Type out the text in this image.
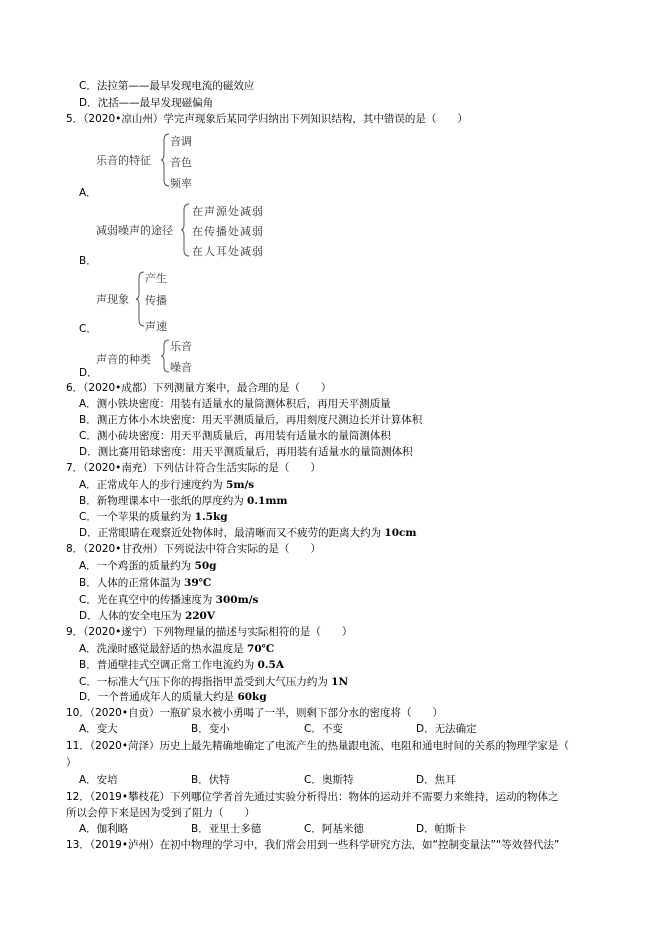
C．法拉第——最早发现电流的磁效应
D．沈括——最早发现磁偏角
5．（2020•凉山州）学完声现象后某同学归纳出下列知识结构，其中错误的是（　　）
乐音的特征
音调
音色
频率
A．
减弱噪声的途径
在声源处减弱
在传播处减弱
在人耳处减弱
B．
声现象
产生
传播
声速
C．
声音的种类
乐音
噪音
D．
6．（2020•成都）下列测量方案中，最合理的是（　　）
A．测小铁块密度：用装有适量水的量筒测体积后，再用天平测质量
B．测正方体小木块密度：用天平测质量后，再用刻度尺测边长并计算体积
C．测小砖块密度：用天平测质量后，再用装有适量水的量筒测体积
D．测比赛用铅球密度：用天平测质量后，再用装有适量水的量筒测体积
7．（2020•南充）下列估计符合生活实际的是（　　）
A．正常成年人的步行速度约为 5m/s
B．新物理课本中一张纸的厚度约为 0.1mm
C．一个苹果的质量约为 1.5kg
D．正常眼睛在观察近处物体时，最清晰而又不疲劳的距离大约为 10cm
8．（2020•甘孜州）下列说法中符合实际的是（　　）
A．一个鸡蛋的质量约为 50g
B．人体的正常体温为 39℃
C．光在真空中的传播速度为 300m/s
D．人体的安全电压为 220V
9．（2020•遂宁）下列物理量的描述与实际相符的是（　　）
A．洗澡时感觉最舒适的热水温度是 70℃
B．普通壁挂式空调正常工作电流约为 0.5A
C．一标准大气压下你的拇指指甲盖受到大气压力约为 1N
D．一个普通成年人的质量大约是 60kg
10．（2020•自贡）一瓶矿泉水被小勇喝了一半，则剩下部分水的密度将（　　）
A．变大	B．变小	C．不变	D．无法确定
11．（2020•菏泽）历史上最先精确地确定了电流产生的热量跟电流、电阻和通电时间的关系的物理学家是（
）
A．安培	B．伏特	C．奥斯特	D．焦耳
12．（2019•攀枝花）下列哪位学者首先通过实验分析得出：物体的运动并不需要力来维持，运动的物体之
所以会停下来是因为受到了阻力（　　）
A．伽利略	B．亚里士多德	C．阿基米德	D．帕斯卡
13．（2019•泸州）在初中物理的学习中，我们常会用到一些科学研究方法，如“控制变量法”“等效替代法”
